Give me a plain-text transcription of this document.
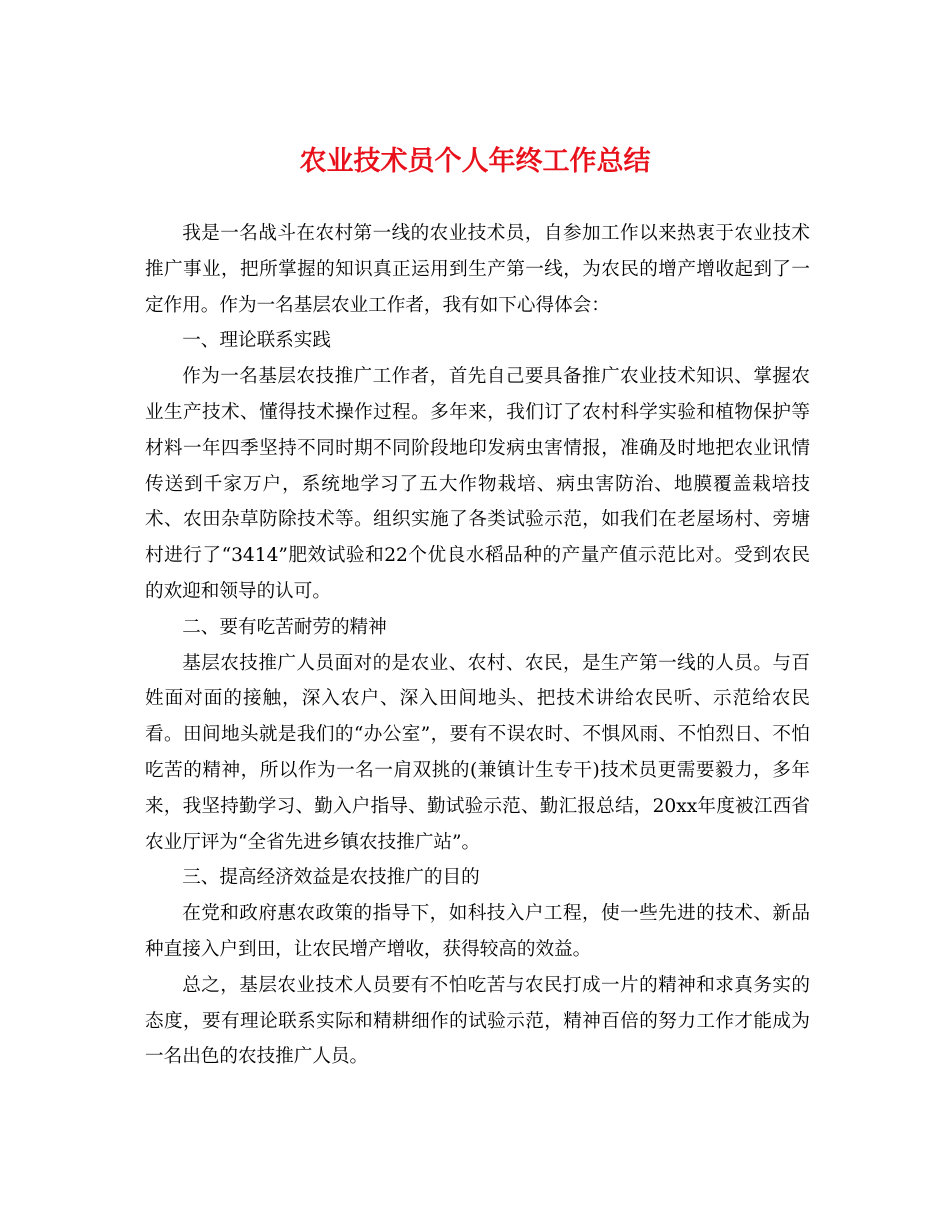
农业技术员个人年终工作总结

我是一名战斗在农村第一线的农业技术员，自参加工作以来热衷于农业技术推广事业，把所掌握的知识真正运用到生产第一线，为农民的增产增收起到了一定作用。作为一名基层农业工作者，我有如下心得体会：

一、理论联系实践

作为一名基层农技推广工作者，首先自己要具备推广农业技术知识、掌握农业生产技术、懂得技术操作过程。多年来，我们订了农村科学实验和植物保护等材料一年四季坚持不同时期不同阶段地印发病虫害情报，准确及时地把农业讯情传送到千家万户，系统地学习了五大作物栽培、病虫害防治、地膜覆盖栽培技术、农田杂草防除技术等。组织实施了各类试验示范，如我们在老屋场村、旁塘村进行了“3414”肥效试验和22个优良水稻品种的产量产值示范比对。受到农民的欢迎和领导的认可。

二、要有吃苦耐劳的精神

基层农技推广人员面对的是农业、农村、农民，是生产第一线的人员。与百姓面对面的接触，深入农户、深入田间地头、把技术讲给农民听、示范给农民看。田间地头就是我们的“办公室”，要有不误农时、不惧风雨、不怕烈日、不怕吃苦的精神，所以作为一名一肩双挑的(兼镇计生专干)技术员更需要毅力，多年来，我坚持勤学习、勤入户指导、勤试验示范、勤汇报总结，20xx年度被江西省农业厅评为“全省先进乡镇农技推广站”。

三、提高经济效益是农技推广的目的

在党和政府惠农政策的指导下，如科技入户工程，使一些先进的技术、新品种直接入户到田，让农民增产增收，获得较高的效益。

总之，基层农业技术人员要有不怕吃苦与农民打成一片的精神和求真务实的态度，要有理论联系实际和精耕细作的试验示范，精神百倍的努力工作才能成为一名出色的农技推广人员。
